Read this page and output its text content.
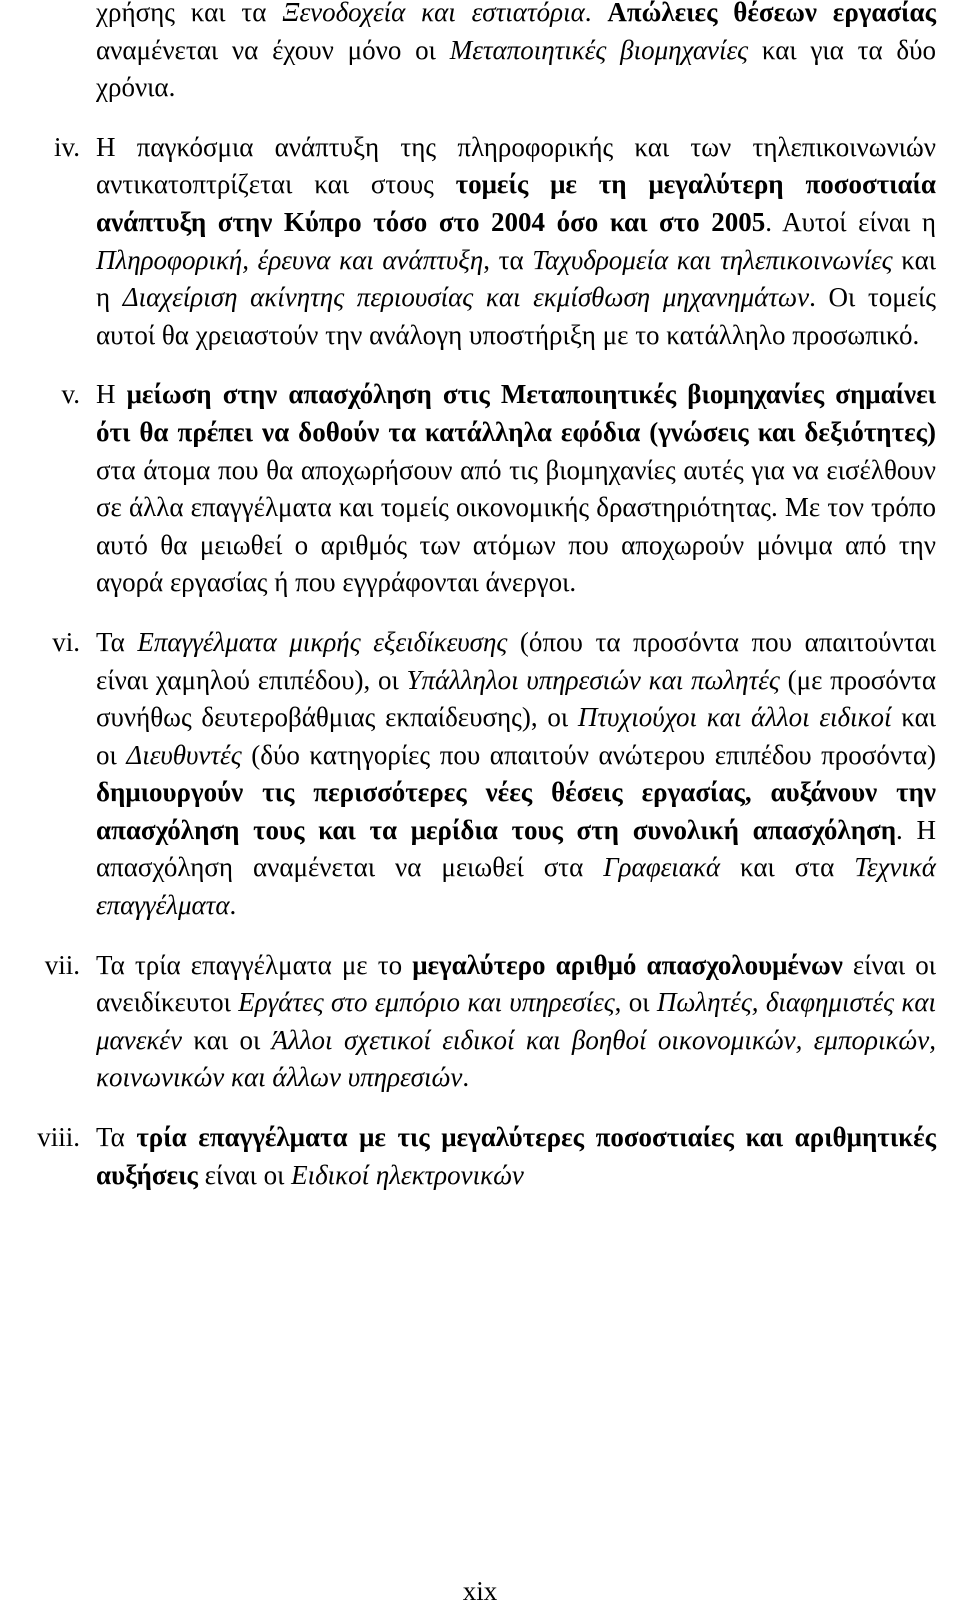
χρήσης και τα Ξενοδοχεία και εστιατόρια. Απώλειες θέσεων εργασίας αναμένεται να έχουν μόνο οι Μεταποιητικές βιομηχανίες και για τα δύο χρόνια.
iv. Η παγκόσμια ανάπτυξη της πληροφορικής και των τηλεπικοινωνιών αντικατοπτρίζεται και στους τομείς με τη μεγαλύτερη ποσοστιαία ανάπτυξη στην Κύπρο τόσο στο 2004 όσο και στο 2005. Αυτοί είναι η Πληροφορική, έρευνα και ανάπτυξη, τα Ταχυδρομεία και τηλεπικοινωνίες και η Διαχείριση ακίνητης περιουσίας και εκμίσθωση μηχανημάτων. Οι τομείς αυτοί θα χρειαστούν την ανάλογη υποστήριξη με το κατάλληλο προσωπικό.
v. Η μείωση στην απασχόληση στις Μεταποιητικές βιομηχανίες σημαίνει ότι θα πρέπει να δοθούν τα κατάλληλα εφόδια (γνώσεις και δεξιότητες) στα άτομα που θα αποχωρήσουν από τις βιομηχανίες αυτές για να εισέλθουν σε άλλα επαγγέλματα και τομείς οικονομικής δραστηριότητας. Με τον τρόπο αυτό θα μειωθεί ο αριθμός των ατόμων που αποχωρούν μόνιμα από την αγορά εργασίας ή που εγγράφονται άνεργοι.
vi. Τα Επαγγέλματα μικρής εξειδίκευσης (όπου τα προσόντα που απαιτούνται είναι χαμηλού επιπέδου), οι Υπάλληλοι υπηρεσιών και πωλητές (με προσόντα συνήθως δευτεροβάθμιας εκπαίδευσης), οι Πτυχιούχοι και άλλοι ειδικοί και οι Διευθυντές (δύο κατηγορίες που απαιτούν ανώτερου επιπέδου προσόντα) δημιουργούν τις περισσότερες νέες θέσεις εργασίας, αυξάνουν την απασχόληση τους και τα μερίδια τους στη συνολική απασχόληση. Η απασχόληση αναμένεται να μειωθεί στα Γραφειακά και στα Τεχνικά επαγγέλματα.
vii. Τα τρία επαγγέλματα με το μεγαλύτερο αριθμό απασχολουμένων είναι οι ανειδίκευτοι Εργάτες στο εμπόριο και υπηρεσίες, οι Πωλητές, διαφημιστές και μανεκέν και οι Άλλοι σχετικοί ειδικοί και βοηθοί οικονομικών, εμπορικών, κοινωνικών και άλλων υπηρεσιών.
viii. Τα τρία επαγγέλματα με τις μεγαλύτερες ποσοστιαίες και αριθμητικές αυξήσεις είναι οι Ειδικοί ηλεκτρονικών
xix
